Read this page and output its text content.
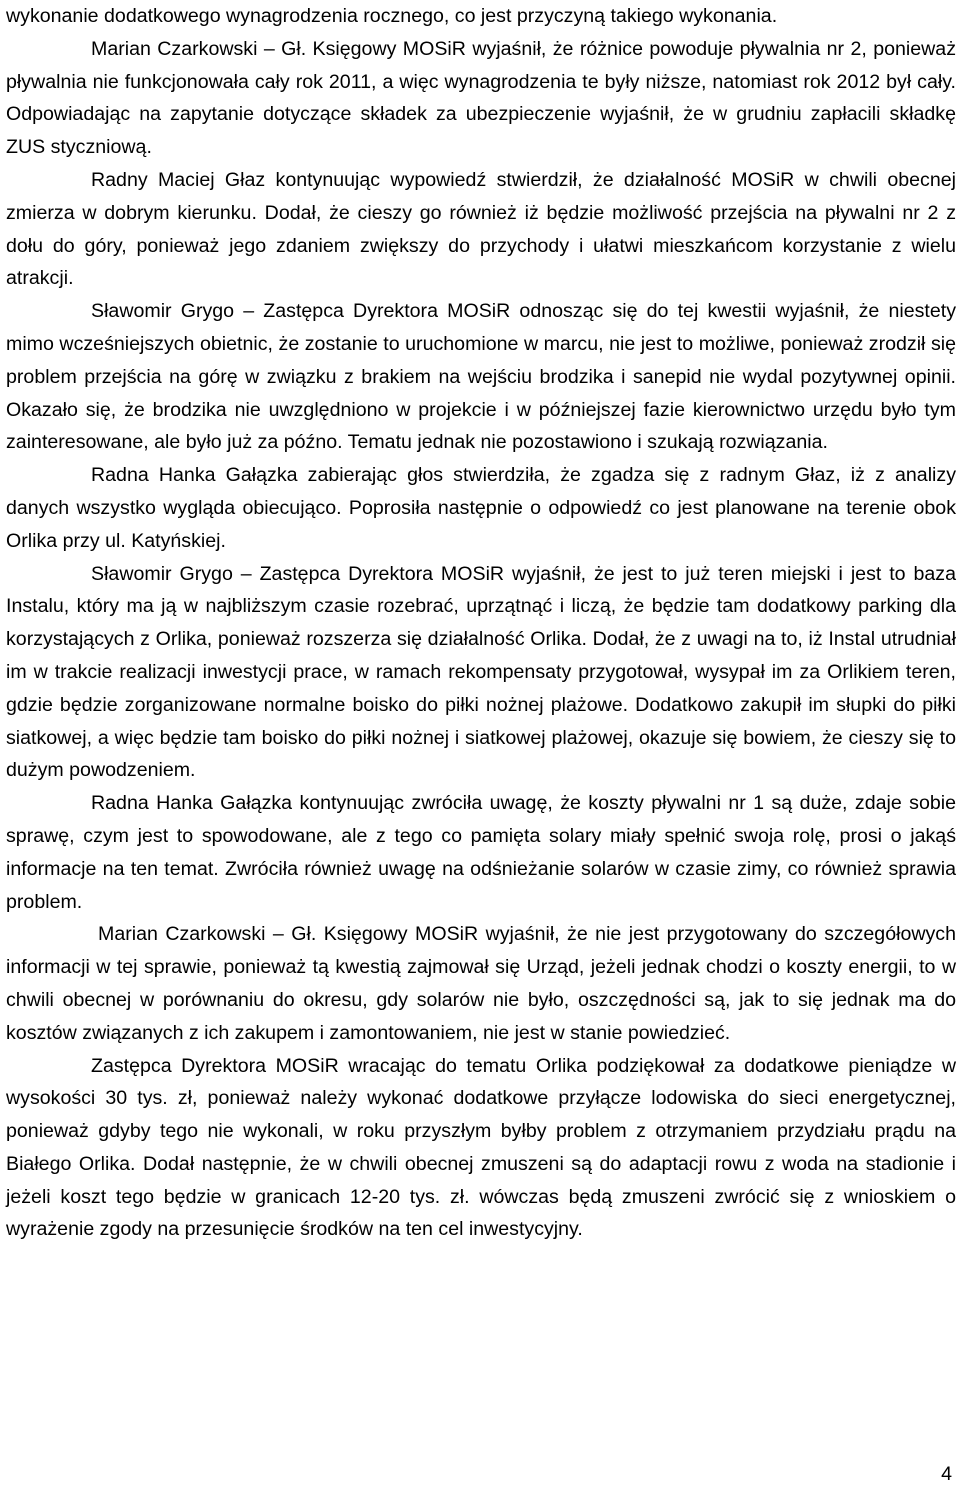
wykonanie dodatkowego wynagrodzenia rocznego, co jest przyczyną takiego wykonania.

Marian Czarkowski – Gł. Księgowy MOSiR wyjaśnił, że różnice powoduje pływalnia nr 2, ponieważ pływalnia nie funkcjonowała cały rok 2011, a więc wynagrodzenia te były niższe, natomiast rok 2012 był cały. Odpowiadając na zapytanie dotyczące składek za ubezpieczenie wyjaśnił, że w grudniu zapłacili składkę ZUS styczniową.

Radny Maciej Głaz kontynuując wypowiedź stwierdził, że działalność MOSiR w chwili obecnej zmierza w dobrym kierunku. Dodał, że cieszy go również iż będzie możliwość przejścia na pływalni nr 2 z dołu do góry, ponieważ jego zdaniem zwiększy do przychody i ułatwi mieszkańcom korzystanie z wielu atrakcji.

Sławomir Grygo – Zastępca Dyrektora MOSiR odnosząc się do tej kwestii wyjaśnił, że niestety mimo wcześniejszych obietnic, że zostanie to uruchomione w marcu, nie jest to możliwe, ponieważ zrodził się problem przejścia na górę w związku z brakiem na wejściu brodzika i sanepid nie wydal pozytywnej opinii. Okazało się, że brodzika nie uwzględniono w projekcie i w późniejszej fazie kierownictwo urzędu było tym zainteresowane, ale było już za późno. Tematu jednak nie pozostawiono i szukają rozwiązania.

Radna Hanka Gałązka zabierając głos stwierdziła, że zgadza się z radnym Głaz, iż z analizy danych wszystko wygląda obiecująco. Poprosiła następnie o odpowiedź co jest planowane na terenie obok Orlika przy ul. Katyńskiej.

Sławomir Grygo – Zastępca Dyrektora MOSiR wyjaśnił, że jest to już teren miejski i jest to baza Instalu, który ma ją w najbliższym czasie rozebrać, uprzątnąć i liczą, że będzie tam dodatkowy parking dla korzystających z Orlika, ponieważ rozszerza się działalność Orlika. Dodał, że z uwagi na to, iż Instal utrudniał im w trakcie realizacji inwestycji prace, w ramach rekompensaty przygotował, wysypał im za Orlikiem teren, gdzie będzie zorganizowane normalne boisko do piłki nożnej plażowe. Dodatkowo zakupił im słupki do piłki siatkowej, a więc będzie tam boisko do piłki nożnej i siatkowej plażowej, okazuje się bowiem, że cieszy się to dużym powodzeniem.

Radna Hanka Gałązka kontynuując zwróciła uwagę, że koszty pływalni nr 1 są duże, zdaje sobie sprawę, czym jest to spowodowane, ale z tego co pamięta solary miały spełnić swoja rolę, prosi o jakąś informacje na ten temat. Zwróciła również uwagę na odśnieżanie solarów w czasie zimy, co również sprawia problem.

Marian Czarkowski – Gł. Księgowy MOSiR wyjaśnił, że nie jest przygotowany do szczegółowych informacji w tej sprawie, ponieważ tą kwestią zajmował się Urząd, jeżeli jednak chodzi o koszty energii, to w chwili obecnej w porównaniu do okresu, gdy solarów nie było, oszczędności są, jak to się jednak ma do kosztów związanych z ich zakupem i zamontowaniem, nie jest w stanie powiedzieć.

Zastępca Dyrektora MOSiR wracając do tematu Orlika podziękował za dodatkowe pieniądze w wysokości 30 tys. zł, ponieważ należy wykonać dodatkowe przyłącze lodowiska do sieci energetycznej, ponieważ gdyby tego nie wykonali, w roku przyszłym byłby problem z otrzymaniem przydziału prądu na Białego Orlika. Dodał następnie, że w chwili obecnej zmuszeni są do adaptacji rowu z woda na stadionie i jeżeli koszt tego będzie w granicach 12-20 tys. zł. wówczas będą zmuszeni zwrócić się z wnioskiem o wyrażenie zgody na przesunięcie środków na ten cel inwestycyjny.

4
